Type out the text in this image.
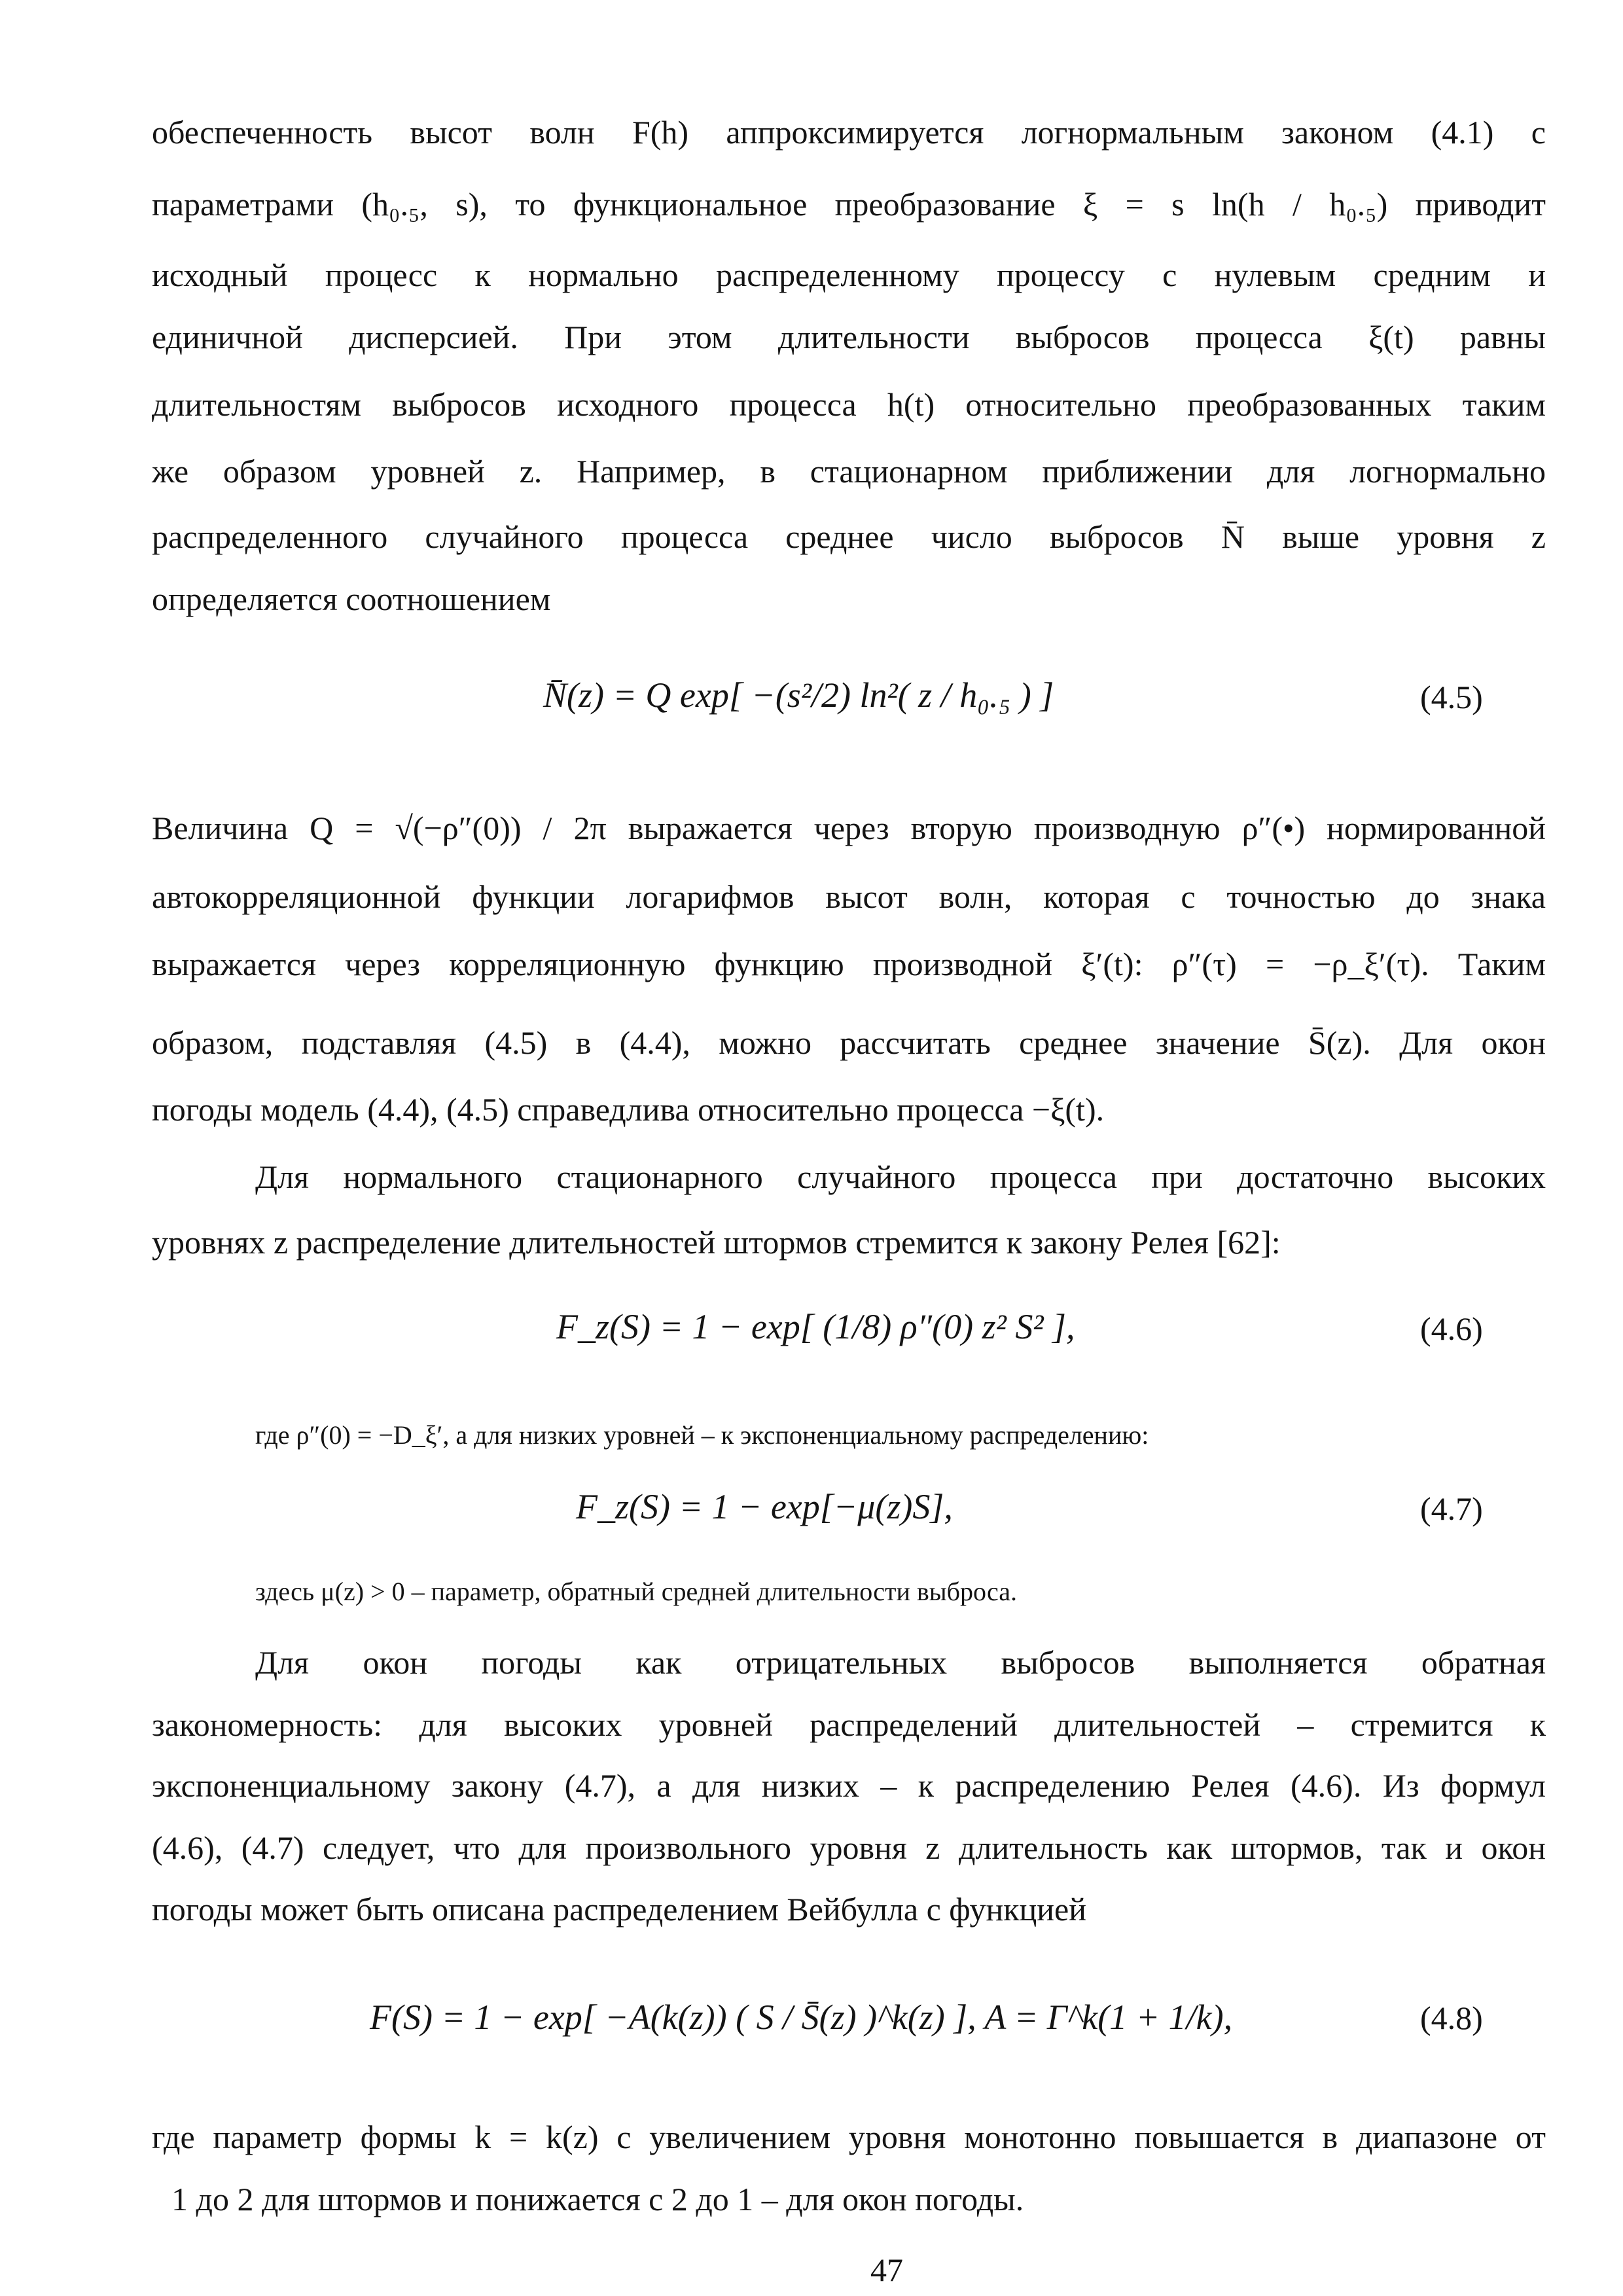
обеспеченность высот волн F(h) аппроксимируется логнормальным законом (4.1) с
параметрами (h₀.₅, s), то функциональное преобразование ξ = s ln(h / h₀.₅) приводит
исходный процесс к нормально распределенному процессу с нулевым средним и
единичной дисперсией. При этом длительности выбросов процесса ξ(t) равны
длительностям выбросов исходного процесса h(t) относительно преобразованных таким
же образом уровней z. Например, в стационарном приближении для логнормально
распределенного случайного процесса среднее число выбросов N̄ выше уровня z
определяется соотношением
N̄(z) = Q exp[ −(s²/2) ln²( z / h₀.₅ ) ]	(4.5)
Величина Q = √(−ρ″(0)) / 2π выражается через вторую производную ρ″(•) нормированной
автокорреляционной функции логарифмов высот волн, которая с точностью до знака
выражается через корреляционную функцию производной ξ′(t): ρ″(τ) = −ρ_ξ′(τ). Таким
образом, подставляя (4.5) в (4.4), можно рассчитать среднее значение S̄(z). Для окон
погоды модель (4.4), (4.5) справедлива относительно процесса −ξ(t).
Для нормального стационарного случайного процесса при достаточно высоких
уровнях z распределение длительностей штормов стремится к закону Релея [62]:
F_z(S) = 1 − exp[ (1/8) ρ″(0) z² S² ],	(4.6)
где ρ″(0) = −D_ξ′, а для низких уровней – к экспоненциальному распределению:
F_z(S) = 1 − exp[−μ(z)S],	(4.7)
здесь μ(z) > 0 – параметр, обратный средней длительности выброса.
Для окон погоды как отрицательных выбросов выполняется обратная
закономерность: для высоких уровней распределений длительностей – стремится к
экспоненциальному закону (4.7), а для низких – к распределению Релея (4.6). Из формул
(4.6), (4.7) следует, что для произвольного уровня z длительность как штормов, так и окон
погоды может быть описана распределением Вейбулла с функцией
F(S) = 1 − exp[ −A(k(z)) ( S / S̄(z) )^k(z) ], A = Γ^k(1 + 1/k),	(4.8)
где параметр формы k = k(z) с увеличением уровня монотонно повышается в диапазоне от
1 до 2 для штормов и понижается с 2 до 1 – для окон погоды.
47
